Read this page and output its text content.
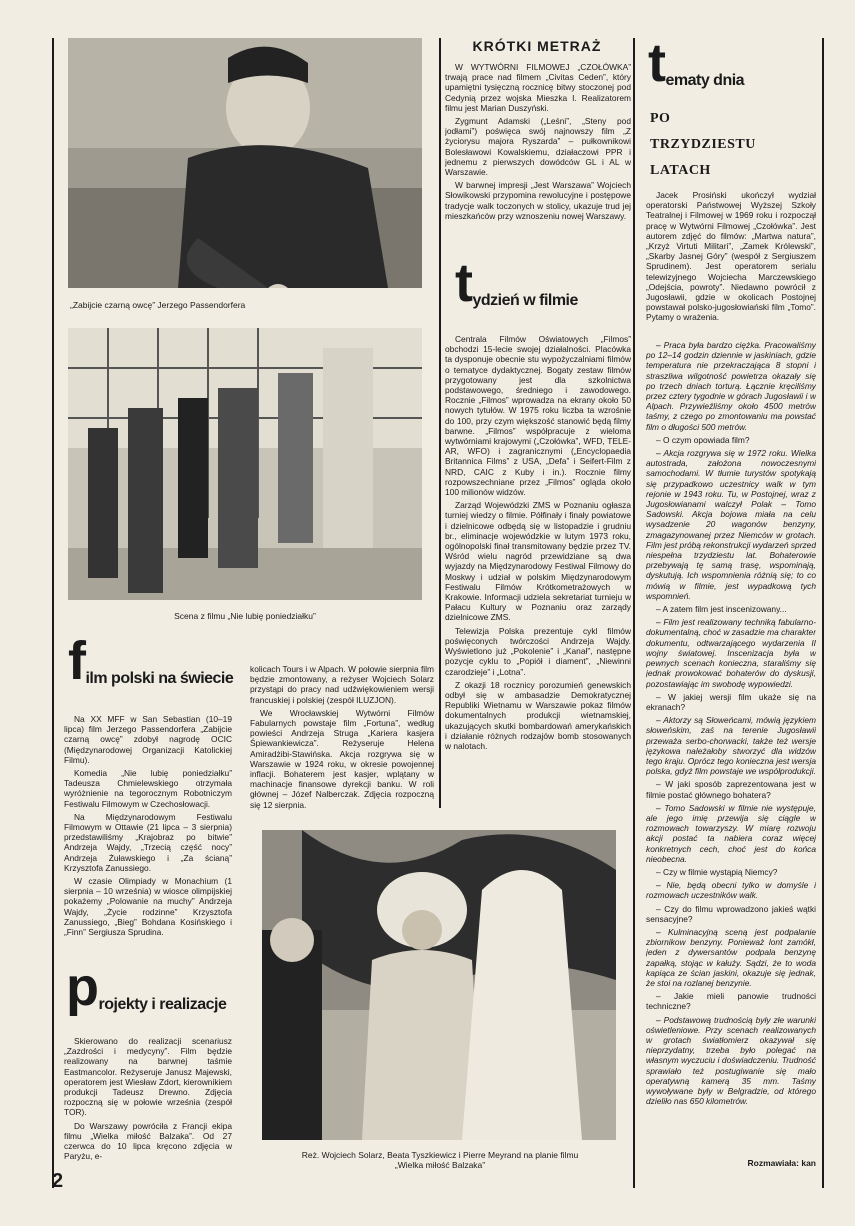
„Zabijcie czarną owcę” Jerzego Passendorfera
Scena z filmu „Nie lubię poniedziałku”
Reż. Wojciech Solarz, Beata Tyszkiewicz i Pierre Meyrand na planie filmu „Wielka miłość Balzaka”
KRÓTKI METRAŻ

W WYTWÓRNI FILMOWEJ „CZOŁÓWKA” trwają prace nad filmem „Civitas Ceden”, który upamiętni tysięczną rocznicę bitwy stoczonej pod Cedynią przez wojska Mieszka I. Realizatorem filmu jest Marian Duszyński.

Zygmunt Adamski („Leśni”, „Steny pod jodłami”) poświęca swój najnowszy film „Z życiorysu majora Ryszarda” – pułkownikowi Bolesławowi Kowalskiemu, działaczowi PPR i jednemu z pierwszych dowódców GL i AL w Warszawie.

W barwnej impresji „Jest Warszawa” Wojciech Słowikowski przypomina rewolucyjne i postępowe tradycje walk toczonych w stolicy, ukazuje trud jej mieszkańców przy wznoszeniu nowej Warszawy.

tydzień w filmie

Centrala Filmów Oświatowych „Filmos” obchodzi 15-lecie swojej działalności. Placówka ta dysponuje obecnie stu wypożyczalniami filmów o tematyce dydaktycznej. Bogaty zestaw filmów przygotowany jest dla szkolnictwa podstawowego, średniego i zawodowego. Rocznie „Filmos” wprowadza na ekrany około 50 nowych tytułów. W 1975 roku liczba ta wzrośnie do 100, przy czym większość stanowić będą filmy barwne. „Filmos” współpracuje z wieloma wytwórniami krajowymi („Czołówka”, WFD, TELE-AR, WFO) i zagranicznymi („Encyclopaedia Britannica Films” z USA, „Defa” i Seifert-Film z NRD, CAIC z Kuby i in.). Rocznie filmy rozpowszechniane przez „Filmos” ogląda około 100 milionów widzów.

Zarząd Wojewódzki ZMS w Poznaniu ogłasza turniej wiedzy o filmie. Półfinały i finały powiatowe i dzielnicowe odbędą się w listopadzie i grudniu br., eliminacje wojewódzkie w lutym 1973 roku, ogólnopolski finał transmitowany będzie przez TV. Wśród wielu nagród przewidziane są dwa wyjazdy na Międzynarodowy Festiwal Filmowy do Moskwy i udział w polskim Międzynarodowym Festiwalu Filmów Krótkometrażowych w Krakowie. Informacji udziela sekretariat turnieju w Pałacu Kultury w Poznaniu oraz zarządy dzielnicowe ZMS.

Telewizja Polska prezentuje cykl filmów poświęconych twórczości Andrzeja Wajdy. Wyświetlono już „Pokolenie” i „Kanał”, następne pozycje cyklu to „Popiół i diament”, „Niewinni czarodzieje” i „Lotna”.

Z okazji 18 rocznicy porozumień genewskich odbył się w ambasadzie Demokratycznej Republiki Wietnamu w Warszawie pokaz filmów dokumentalnych produkcji wietnamskiej, ukazujących skutki bombardowań amerykańskich i działanie różnych rodzajów bomb stosowanych w nalotach.

film polski na świecie

Na XX MFF w San Sebastian (10–19 lipca) film Jerzego Passendorfera „Zabijcie czarną owcę” zdobył nagrodę OCIC (Międzynarodowej Organizacji Katolickiej Filmu).

Komedia „Nie lubię poniedziałku” Tadeusza Chmielewskiego otrzymała wyróżnienie na tegorocznym Robotniczym Festiwalu Filmowym w Czechosłowacji.

Na Międzynarodowym Festiwalu Filmowym w Ottawie (21 lipca – 3 sierpnia) przedstawiliśmy „Krajobraz po bitwie” Andrzeja Wajdy, „Trzecią część nocy” Andrzeja Żuławskiego i „Za ścianą” Krzysztofa Zanussiego.

W czasie Olimpiady w Monachium (1 sierpnia – 10 września) w wiosce olimpijskiej pokażemy „Polowanie na muchy” Andrzeja Wajdy, „Życie rodzinne” Krzysztofa Zanussiego, „Bieg” Bohdana Kosińskiego i „Finn” Sergiusza Sprudina.

projekty i realizacje

Skierowano do realizacji scenariusz „Zazdrości i medycyny”. Film będzie realizowany na barwnej taśmie Eastmancolor. Reżyseruje Janusz Majewski, operatorem jest Wiesław Zdort, kierownikiem produkcji Tadeusz Drewno. Zdjęcia rozpoczną się w połowie września (zespół TOR).

Do Warszawy powróciła z Francji ekipa filmu „Wielka miłość Balzaka”. Od 27 czerwca do 10 lipca kręcono zdjęcia w Paryżu, e-

kolicach Tours i w Alpach. W połowie sierpnia film będzie zmontowany, a reżyser Wojciech Solarz przystąpi do pracy nad udźwiękowieniem wersji francuskiej i polskiej (zespół ILUZJON).

We Wrocławskiej Wytwórni Filmów Fabularnych powstaje film „Fortuna”, według powieści Andrzeja Struga „Kariera kasjera Śpiewankiewicza”. Reżyseruje Helena Amiradżibi-Stawińska. Akcja rozgrywa się w Warszawie w 1924 roku, w okresie powojennej inflacji. Bohaterem jest kasjer, wplątany w machinacje finansowe dyrekcji banku. W roli głównej – Józef Nalberczak. Zdjęcia rozpoczną się 12 sierpnia.

tematy dnia
PO
TRZYDZIESTU
LATACH

Jacek Prosiński ukończył wydział operatorski Państwowej Wyższej Szkoły Teatralnej i Filmowej w 1969 roku i rozpoczął pracę w Wytwórni Filmowej „Czołówka”. Jest autorem zdjęć do filmów: „Martwa natura”, „Krzyż Virtuti Militari”, „Zamek Królewski”, „Skarby Jasnej Góry” (wespół z Sergiuszem Sprudinem). Jest operatorem serialu telewizyjnego Wojciecha Marczewskiego „Odejścia, powroty”. Niedawno powrócił z Jugosławii, gdzie w okolicach Postojnej powstawał polsko-jugosłowiański film „Tomo”. Pytamy o wrażenia.

– Praca była bardzo ciężka. Pracowaliśmy po 12–14 godzin dziennie w jaskiniach, gdzie temperatura nie przekraczająca 8 stopni i straszliwa wilgotność powietrza okazały się po trzech dniach torturą. Łącznie kręciliśmy przez cztery tygodnie w górach Jugosławii i w Alpach. Przywieźliśmy około 4500 metrów taśmy, z czego po zmontowaniu ma powstać film o długości 500 metrów.

– O czym opowiada film?

– Akcja rozgrywa się w 1972 roku. Wielka autostrada, założona nowoczesnymi samochodami. W tłumie turystów spotykają się przypadkowo uczestnicy walk w tym rejonie w 1943 roku. Tu, w Postojnej, wraz z Jugosłowianami walczył Polak – Tomo Sadowski. Akcja bojowa miała na celu wysadzenie 20 wagonów benzyny, zmagazynowanej przez Niemców w grotach. Film jest próbą rekonstrukcji wydarzeń sprzed niespełna trzydziestu lat. Bohaterowie przebywają tę samą trasę, wspominają, dyskutują. Ich wspomnienia różnią się; to co mówią w filmie, jest wypadkową tych wspomnień.

– A zatem film jest inscenizowany...

– Film jest realizowany techniką fabularno-dokumentalną, choć w zasadzie ma charakter dokumentu, odtwarzającego wydarzenia II wojny światowej. Inscenizacja była w pewnych scenach konieczna, staraliśmy się jednak prowokować bohaterów do dyskusji, pozostawiając im swobodę wypowiedzi.

– W jakiej wersji film ukaże się na ekranach?

– Aktorzy są Słoweńcami, mówią językiem słoweńskim, zaś na terenie Jugosławii przeważa serbo-chorwacki, także też wersje językowa należałoby stworzyć dla widzów tego kraju. Oprócz tego konieczna jest wersja polska, gdyż film powstaje we współprodukcji.

– W jaki sposób zaprezentowana jest w filmie postać głównego bohatera?

– Tomo Sadowski w filmie nie występuje, ale jego imię przewija się ciągle w rozmowach towarzyszy. W miarę rozwoju akcji postać ta nabiera coraz więcej konkretnych cech, choć jest do końca nieobecna.

– Czy w filmie wystąpią Niemcy?

– Nie, będą obecni tylko w domyśle i rozmowach uczestników walk.

– Czy do filmu wprowadzono jakieś wątki sensacyjne?

– Kulminacyjną sceną jest podpalanie zbiornikow benzyny. Ponieważ lont zamókł, jeden z dywersantów podpala benzynę zapałką, stojąc w kałuży. Sądzi, że to woda kapiąca ze ścian jaskini, okazuje się jednak, że stoi na rozlanej benzynie.

– Jakie mieli panowie trudności techniczne?

– Podstawową trudnością były złe warunki oświetleniowe. Przy scenach realizowanych w grotach światłomierz okazywał się nieprzydatny, trzeba było polegać na własnym wyczuciu i doświadczeniu. Trudność sprawiało też postugiwanie się mało operatywną kamerą 35 mm. Taśmy wywoływane były w Belgradzie, od którego dzieliło nas 650 kilometrów.

Rozmawiała: kan
2
